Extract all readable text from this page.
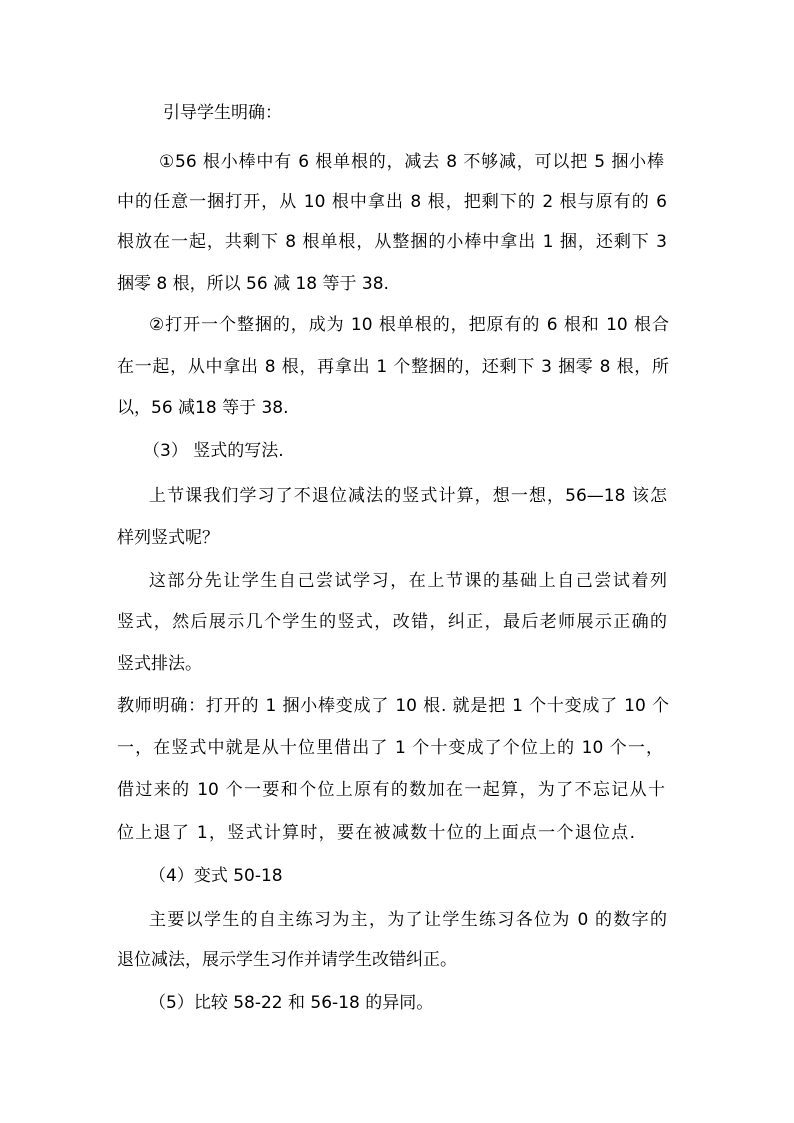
引导学生明确：
①56 根小棒中有 6 根单根的，减去 8 不够减，可以把 5 捆小棒
中的任意一捆打开，从 10 根中拿出 8 根，把剩下的 2 根与原有的 6
根放在一起，共剩下 8 根单根，从整捆的小棒中拿出 1 捆，还剩下 3
捆零 8 根，所以 56 减 18 等于 38.
②打开一个整捆的，成为 10 根单根的，把原有的 6 根和 10 根合
在一起，从中拿出 8 根，再拿出 1 个整捆的，还剩下 3 捆零 8 根，所
以，56 减18 等于 38.
（3） 竖式的写法.
上节课我们学习了不退位减法的竖式计算，想一想，56—18 该怎
样列竖式呢？
这部分先让学生自己尝试学习，在上节课的基础上自己尝试着列
竖式，然后展示几个学生的竖式，改错，纠正，最后老师展示正确的
竖式排法。
教师明确：打开的 1 捆小棒变成了 10 根. 就是把 1 个十变成了 10 个
一，在竖式中就是从十位里借出了 1 个十变成了个位上的 10 个一，
借过来的 10 个一要和个位上原有的数加在一起算，为了不忘记从十
位上退了 1，竖式计算时，要在被减数十位的上面点一个退位点.
（4）变式 50-18
主要以学生的自主练习为主，为了让学生练习各位为 0 的数字的
退位减法，展示学生习作并请学生改错纠正。
（5）比较 58-22 和 56-18 的异同。
